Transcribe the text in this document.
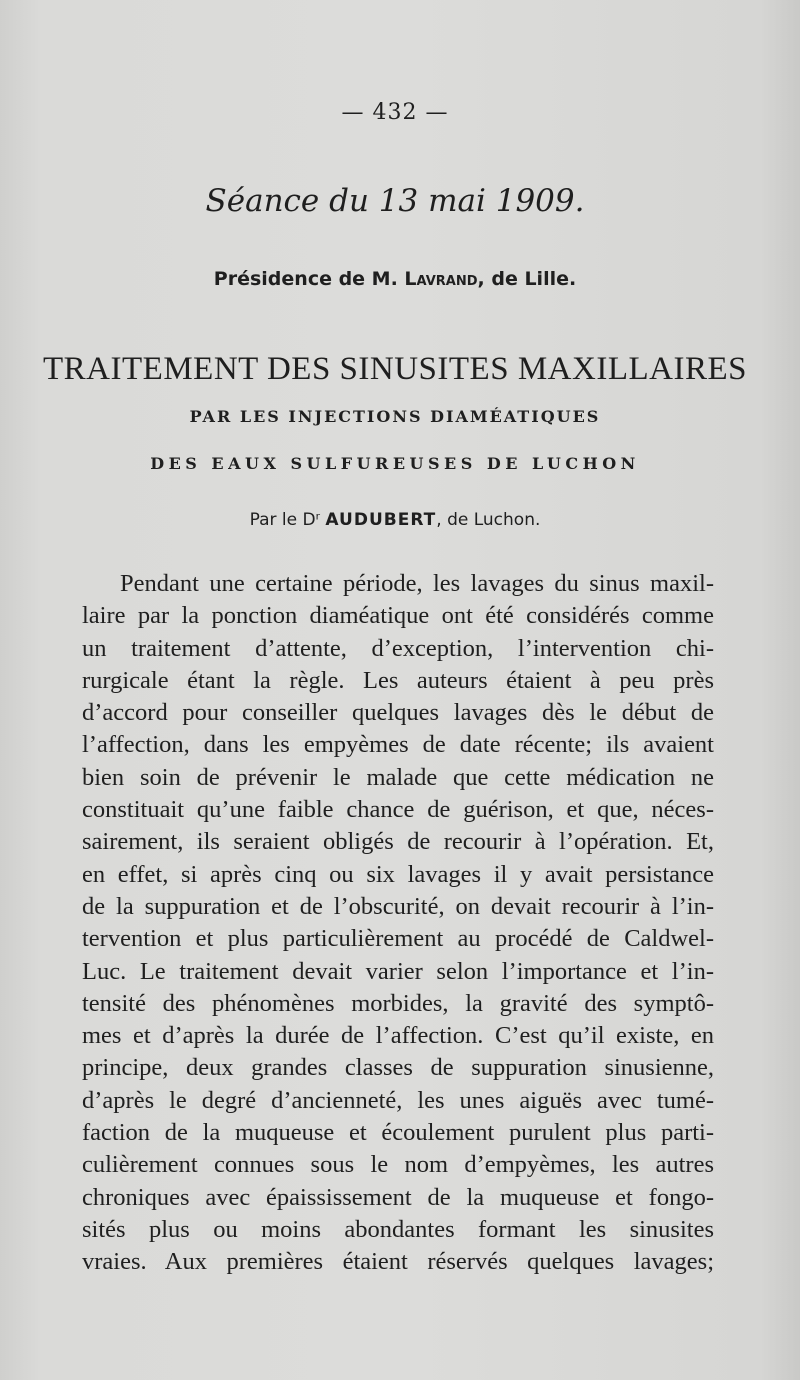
— 432 —
Séance du 13 mai 1909.
Présidence de M. Lavrand, de Lille.
TRAITEMENT DES SINUSITES MAXILLAIRES
PAR LES INJECTIONS DIAMÉATIQUES
DES EAUX SULFUREUSES DE LUCHON
Par le Dʳ AUDUBERT, de Luchon.
Pendant une certaine période, les lavages du sinus maxil-
laire par la ponction diaméatique ont été considérés comme
un traitement d’attente, d’exception, l’intervention chi-
rurgicale étant la règle. Les auteurs étaient à peu près
d’accord pour conseiller quelques lavages dès le début de
l’affection, dans les empyèmes de date récente; ils avaient
bien soin de prévenir le malade que cette médication ne
constituait qu’une faible chance de guérison, et que, néces-
sairement, ils seraient obligés de recourir à l’opération. Et,
en effet, si après cinq ou six lavages il y avait persistance
de la suppuration et de l’obscurité, on devait recourir à l’in-
tervention et plus particulièrement au procédé de Caldwel-
Luc. Le traitement devait varier selon l’importance et l’in-
tensité des phénomènes morbides, la gravité des symptô-
mes et d’après la durée de l’affection. C’est qu’il existe, en
principe, deux grandes classes de suppuration sinusienne,
d’après le degré d’ancienneté, les unes aiguës avec tumé-
faction de la muqueuse et écoulement purulent plus parti-
culièrement connues sous le nom d’empyèmes, les autres
chroniques avec épaississement de la muqueuse et fongo-
sités plus ou moins abondantes formant les sinusites
vraies. Aux premières étaient réservés quelques lavages;
